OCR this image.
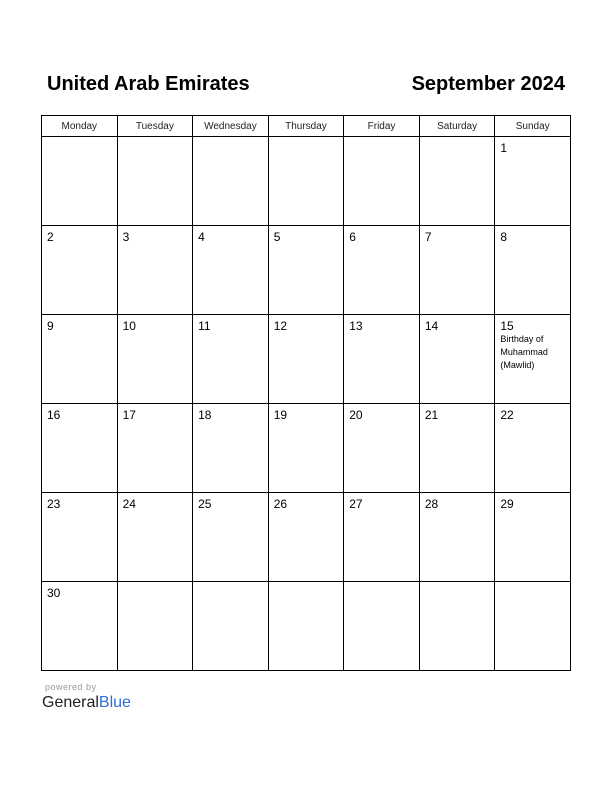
United Arab Emirates	September 2024
Monday	Tuesday	Wednesday	Thursday	Friday	Saturday	Sunday

						1

2	3	4	5	6	7	8

9	10	11	12	13	14	15
Birthday of
Muhammad
(Mawlid)

16	17	18	19	20	21	22

23	24	25	26	27	28	29

30						

powered by
GeneralBlue
